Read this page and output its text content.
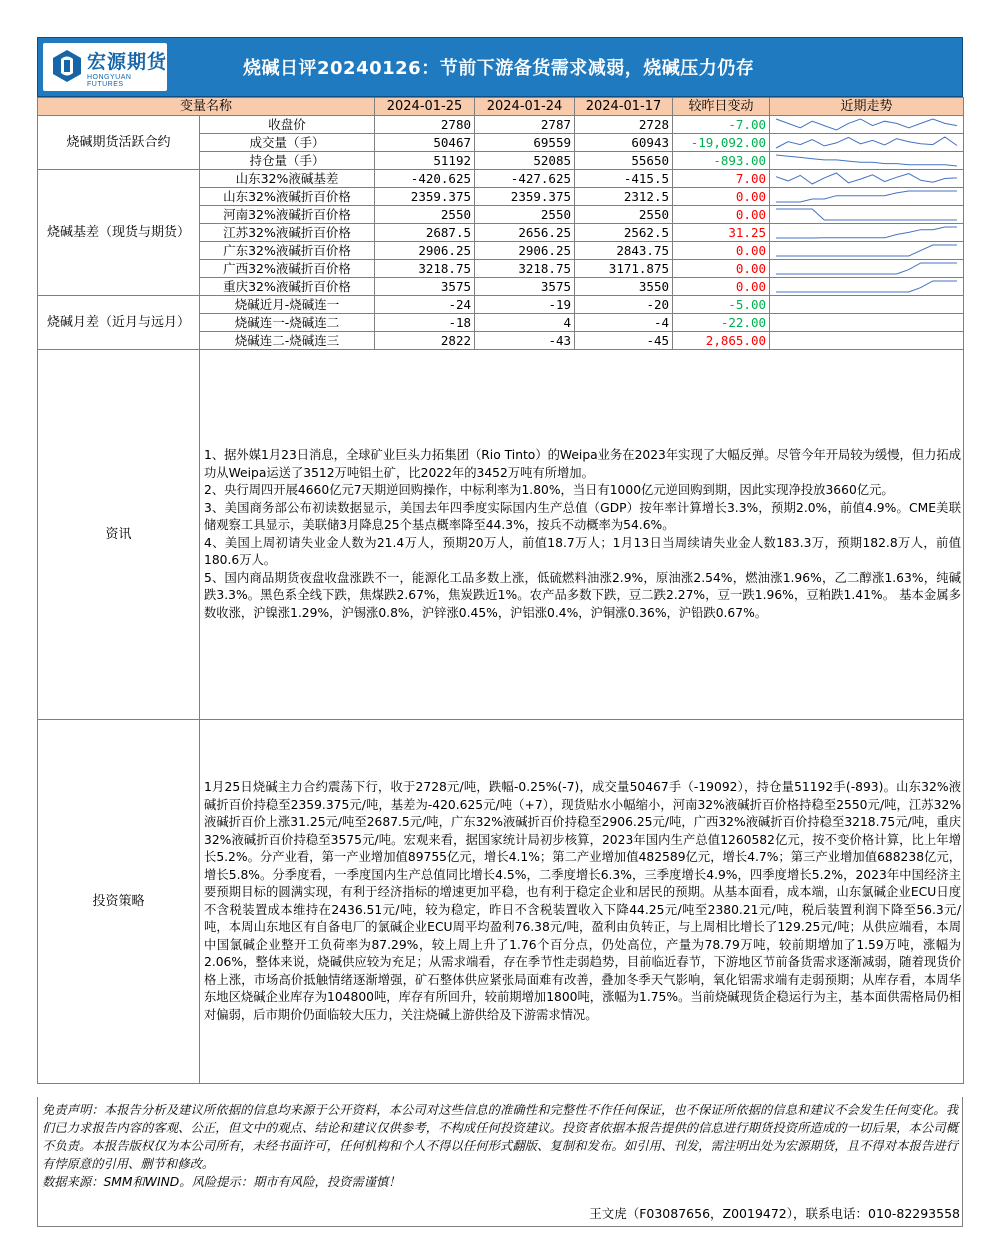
宏源期货
HONGYUAN FUTURES
烧碱日评20240126：节前下游备货需求减弱，烧碱压力仍存
变量名称		2024-01-25	2024-01-24	2024-01-17	较昨日变动	近期走势
烧碱期货活跃合约	收盘价	2780	2787	2728	-7.00	

	成交量（手）	50467	69559	60943	-19,092.00	

	持仓量（手）	51192	52085	55650	-893.00	

烧碱基差（现货与期货）	山东32%液碱基差	-420.625	-427.625	-415.5	7.00	

	山东32%液碱折百价格	2359.375	2359.375	2312.5	0.00	

	河南32%液碱折百价格	2550	2550	2550	0.00	

	江苏32%液碱折百价格	2687.5	2656.25	2562.5	31.25	

	广东32%液碱折百价格	2906.25	2906.25	2843.75	0.00	

	广西32%液碱折百价格	3218.75	3218.75	3171.875	0.00	

	重庆32%液碱折百价格	3575	3575	3550	0.00	

烧碱月差（近月与远月）	烧碱近月-烧碱连一	-24	-19	-20	-5.00	
	烧碱连一-烧碱连二	-18	4	-4	-22.00	
	烧碱连二-烧碱连三	2822	-43	-45	2,865.00	
资讯	1、据外媒1月23日消息，全球矿业巨头力拓集团（Rio Tinto）的Weipa业务在2023年实现了大幅反弹。尽管今年开局较为缓慢，但力拓成功从Weipa运送了3512万吨铝土矿，比2022年的3452万吨有所增加。
2、央行周四开展4660亿元7天期逆回购操作，中标利率为1.80%，当日有1000亿元逆回购到期，因此实现净投放3660亿元。
3、美国商务部公布初读数据显示，美国去年四季度实际国内生产总值（GDP）按年率计算增长3.3%，预期2.0%，前值4.9%。CME美联储观察工具显示，美联储3月降息25个基点概率降至44.3%，按兵不动概率为54.6%。
4、美国上周初请失业金人数为21.4万人，预期20万人，前值18.7万人；1月13日当周续请失业金人数183.3万，预期182.8万人，前值180.6万人。
5、国内商品期货夜盘收盘涨跌不一，能源化工品多数上涨，低硫燃料油涨2.9%，原油涨2.54%，燃油涨1.96%，乙二醇涨1.63%，纯碱跌3.3%。黑色系全线下跌，焦煤跌2.67%，焦炭跌近1%。农产品多数下跌，豆二跌2.27%，豆一跌1.96%，豆粕跌1.41%。 基本金属多数收涨，沪镍涨1.29%，沪锡涨0.8%，沪锌涨0.45%，沪铝涨0.4%，沪铜涨0.36%，沪铅跌0.67%。					

投资策略	1月25日烧碱主力合约震荡下行，收于2728元/吨，跌幅-0.25%(-7)，成交量50467手（-19092），持仓量51192手(-893)。山东32%液碱折百价持稳至2359.375元/吨，基差为-420.625元/吨（+7），现货贴水小幅缩小，河南32%液碱折百价格持稳至2550元/吨，江苏32%液碱折百价上涨31.25元/吨至2687.5元/吨，广东32%液碱折百价持稳至2906.25元/吨，广西32%液碱折百价持稳至3218.75元/吨，重庆32%液碱折百价持稳至3575元/吨。宏观来看，据国家统计局初步核算，2023年国内生产总值1260582亿元，按不变价格计算，比上年增长5.2%。分产业看，第一产业增加值89755亿元，增长4.1%；第二产业增加值482589亿元，增长4.7%；第三产业增加值688238亿元，增长5.8%。分季度看，一季度国内生产总值同比增长4.5%，二季度增长6.3%，三季度增长4.9%，四季度增长5.2%，2023年中国经济主要预期目标的圆满实现，有利于经济指标的增速更加平稳，也有利于稳定企业和居民的预期。从基本面看，成本端，山东氯碱企业ECU日度不含税装置成本维持在2436.51元/吨，较为稳定，昨日不含税装置收入下降44.25元/吨至2380.21元/吨，税后装置利润下降至56.3元/吨，本周山东地区有自备电厂的氯碱企业ECU周平均盈利76.38元/吨，盈利由负转正，与上周相比增长了129.25元/吨；从供应端看，本周中国氯碱企业整开工负荷率为87.29%，较上周上升了1.76个百分点，仍处高位，产量为78.79万吨，较前期增加了1.59万吨，涨幅为2.06%，整体来说，烧碱供应较为充足；从需求端看，存在季节性走弱趋势，目前临近春节，下游地区节前备货需求逐渐减弱，随着现货价格上涨，市场高价抵触情绪逐渐增强，矿石整体供应紧张局面难有改善，叠加冬季天气影响，氧化铝需求端有走弱预期；从库存看，本周华东地区烧碱企业库存为104800吨，库存有所回升，较前期增加1800吨，涨幅为1.75%。当前烧碱现货企稳运行为主，基本面供需格局仍相对偏弱，后市期价仍面临较大压力，关注烧碱上游供给及下游需求情况。					
免责声明：本报告分析及建议所依据的信息均来源于公开资料，本公司对这些信息的准确性和完整性不作任何保证，也不保证所依据的信息和建议不会发生任何变化。我们已力求报告内容的客观、公正，但文中的观点、结论和建议仅供参考，不构成任何投资建议。投资者依据本报告提供的信息进行期货投资所造成的一切后果，本公司概不负责。本报告版权仅为本公司所有，未经书面许可，任何机构和个人不得以任何形式翻版、复制和发布。如引用、刊发，需注明出处为宏源期货，且不得对本报告进行有悖原意的引用、删节和修改。
数据来源：SMM和WIND。风险提示：期市有风险，投资需谨慎！
王文虎（F03087656，Z0019472），联系电话：010-82293558
